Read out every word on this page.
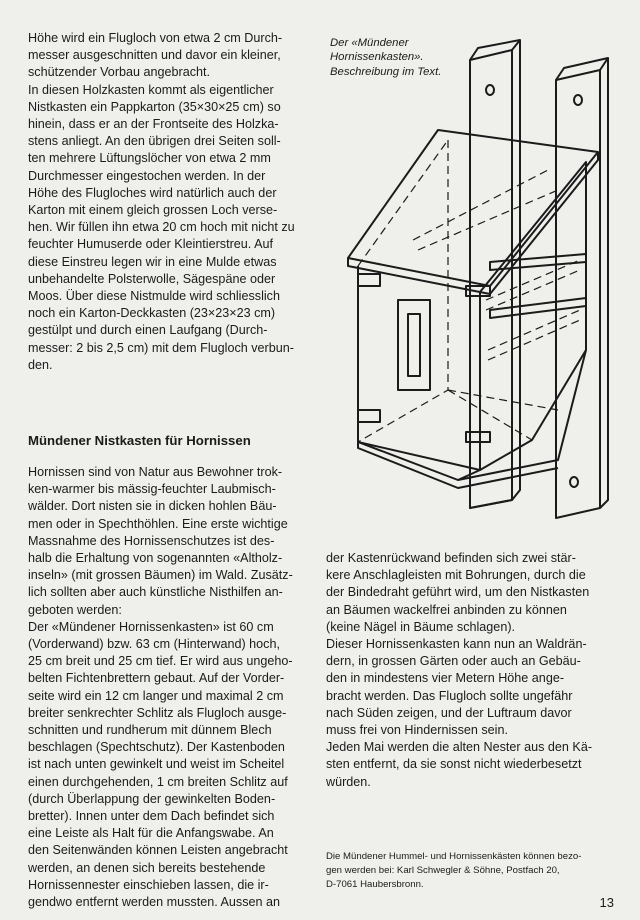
Höhe wird ein Flugloch von etwa 2 cm Durch-
messer ausgeschnitten und davor ein kleiner,
schützender Vorbau angebracht.
In diesen Holzkasten kommt als eigentlicher
Nistkasten ein Pappkarton (35×30×25 cm) so
hinein, dass er an der Frontseite des Holzka-
stens anliegt. An den übrigen drei Seiten soll-
ten mehrere Lüftungslöcher von etwa 2 mm
Durchmesser eingestochen werden. In der
Höhe des Flugloches wird natürlich auch der
Karton mit einem gleich grossen Loch verse-
hen. Wir füllen ihn etwa 20 cm hoch mit nicht zu
feuchter Humuserde oder Kleintierstreu. Auf
diese Einstreu legen wir in eine Mulde etwas
unbehandelte Polsterwolle, Sägespäne oder
Moos. Über diese Nistmulde wird schliesslich
noch ein Karton-Deckkasten (23×23×23 cm)
gestülpt und durch einen Laufgang (Durch-
messer: 2 bis 2,5 cm) mit dem Flugloch verbun-
den.

Der «Mündener
Hornissenkasten».
Beschreibung im Text.

Mündener Nistkasten für Hornissen

Hornissen sind von Natur aus Bewohner trok-
ken-warmer bis mässig-feuchter Laubmisch-
wälder. Dort nisten sie in dicken hohlen Bäu-
men oder in Spechthöhlen. Eine erste wichtige
Massnahme des Hornissenschutzes ist des-
halb die Erhaltung von sogenannten «Altholz-
inseln» (mit grossen Bäumen) im Wald. Zusätz-
lich sollten aber auch künstliche Nisthilfen an-
geboten werden:
Der «Mündener Hornissenkasten» ist 60 cm
(Vorderwand) bzw. 63 cm (Hinterwand) hoch,
25 cm breit und 25 cm tief. Er wird aus ungeho-
belten Fichtenbrettern gebaut. Auf der Vorder-
seite wird ein 12 cm langer und maximal 2 cm
breiter senkrechter Schlitz als Flugloch ausge-
schnitten und rundherum mit dünnem Blech
beschlagen (Spechtschutz). Der Kastenboden
ist nach unten gewinkelt und weist im Scheitel
einen durchgehenden, 1 cm breiten Schlitz auf
(durch Überlappung der gewinkelten Boden-
bretter). Innen unter dem Dach befindet sich
eine Leiste als Halt für die Anfangswabe. An
den Seitenwänden können Leisten angebracht
werden, an denen sich bereits bestehende
Hornissennester einschieben lassen, die ir-
gendwo entfernt werden mussten. Aussen an

der Kastenrückwand befinden sich zwei stär-
kere Anschlagleisten mit Bohrungen, durch die
der Bindedraht geführt wird, um den Nistkasten
an Bäumen wackelfrei anbinden zu können
(keine Nägel in Bäume schlagen).
Dieser Hornissenkasten kann nun an Waldrän-
dern, in grossen Gärten oder auch an Gebäu-
den in mindestens vier Metern Höhe ange-
bracht werden. Das Flugloch sollte ungefähr
nach Süden zeigen, und der Luftraum davor
muss frei von Hindernissen sein.
Jeden Mai werden die alten Nester aus den Kä-
sten entfernt, da sie sonst nicht wiederbesetzt
würden.

Die Mündener Hummel- und Hornissenkästen können bezo-
gen werden bei: Karl Schwegler & Söhne, Postfach 20,
D-7061 Haubersbronn.

13
